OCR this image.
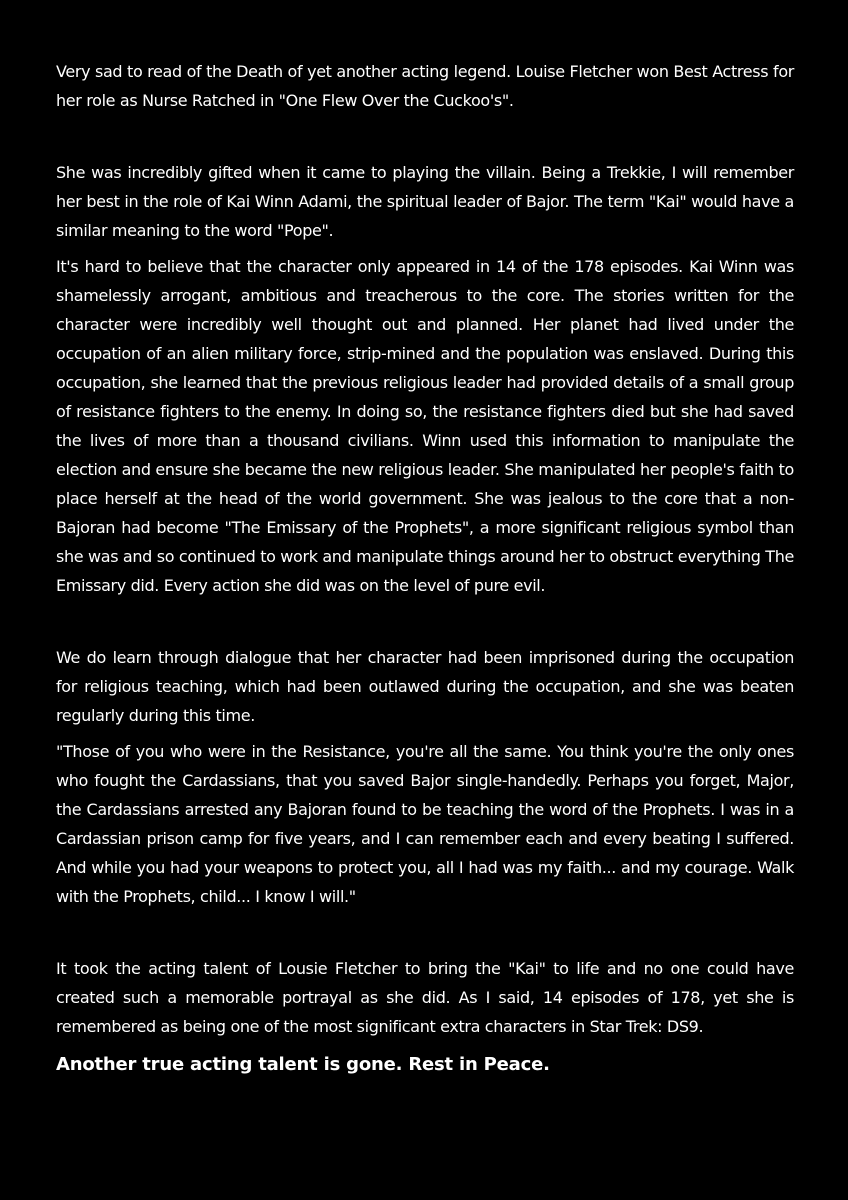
Very sad to read of the Death of yet another acting legend. Louise Fletcher won Best Actress for her role as Nurse Ratched in "One Flew Over the Cuckoo's".

She was incredibly gifted when it came to playing the villain. Being a Trekkie, I will remember her best in the role of Kai Winn Adami, the spiritual leader of Bajor. The term "Kai" would have a similar meaning to the word "Pope".

It's hard to believe that the character only appeared in 14 of the 178 episodes. Kai Winn was shamelessly arrogant, ambitious and treacherous to the core. The stories written for the character were incredibly well thought out and planned. Her planet had lived under the occupation of an alien military force, strip-mined and the population was enslaved. During this occupation, she learned that the previous religious leader had provided details of a small group of resistance fighters to the enemy. In doing so, the resistance fighters died but she had saved the lives of more than a thousand civilians. Winn used this information to manipulate the election and ensure she became the new religious leader. She manipulated her people's faith to place herself at the head of the world government. She was jealous to the core that a non-Bajoran had become "The Emissary of the Prophets", a more significant religious symbol than she was and so continued to work and manipulate things around her to obstruct everything The Emissary did. Every action she did was on the level of pure evil.

We do learn through dialogue that her character had been imprisoned during the occupation for religious teaching, which had been outlawed during the occupation, and she was beaten regularly during this time.

"Those of you who were in the Resistance, you're all the same. You think you're the only ones who fought the Cardassians, that you saved Bajor single-handedly. Perhaps you forget, Major, the Cardassians arrested any Bajoran found to be teaching the word of the Prophets. I was in a Cardassian prison camp for five years, and I can remember each and every beating I suffered. And while you had your weapons to protect you, all I had was my faith... and my courage. Walk with the Prophets, child... I know I will."

It took the acting talent of Lousie Fletcher to bring the "Kai" to life and no one could have created such a memorable portrayal as she did. As I said, 14 episodes of 178, yet she is remembered as being one of the most significant extra characters in Star Trek: DS9.

Another true acting talent is gone. Rest in Peace.
